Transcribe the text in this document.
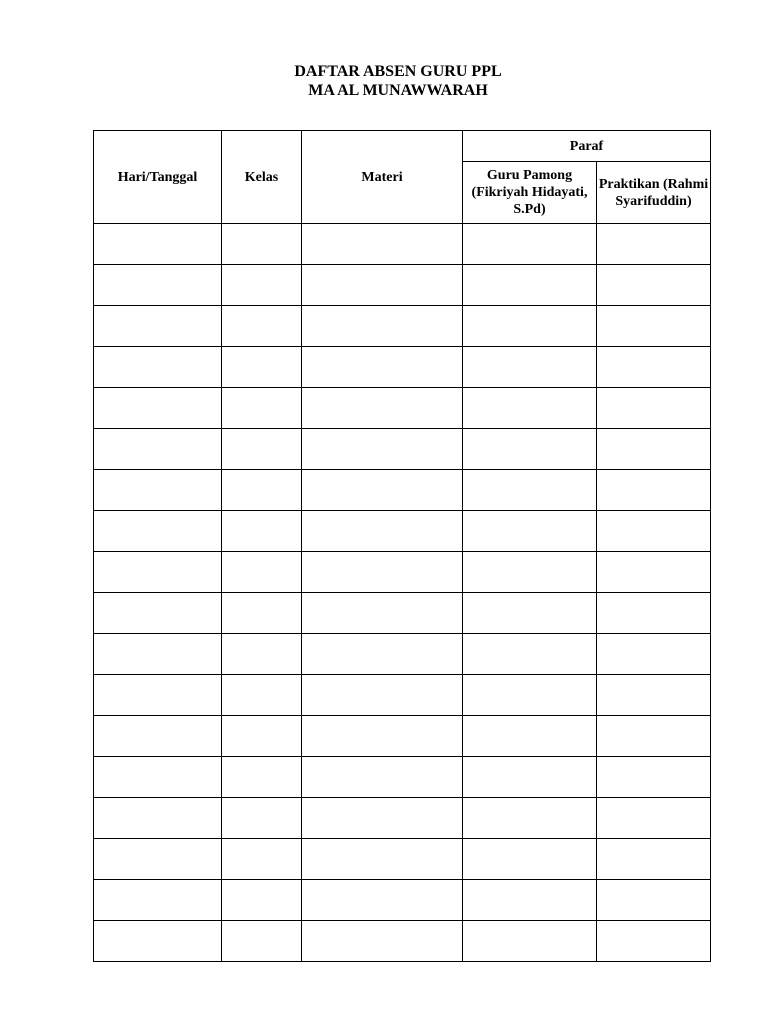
DAFTAR ABSEN GURU PPL
MA AL MUNAWWARAH
Hari/Tanggal	Kelas	Materi	Paraf	
			Guru Pamong (Fikriyah Hidayati, S.Pd)	Praktikan (Rahmi Syarifuddin)
